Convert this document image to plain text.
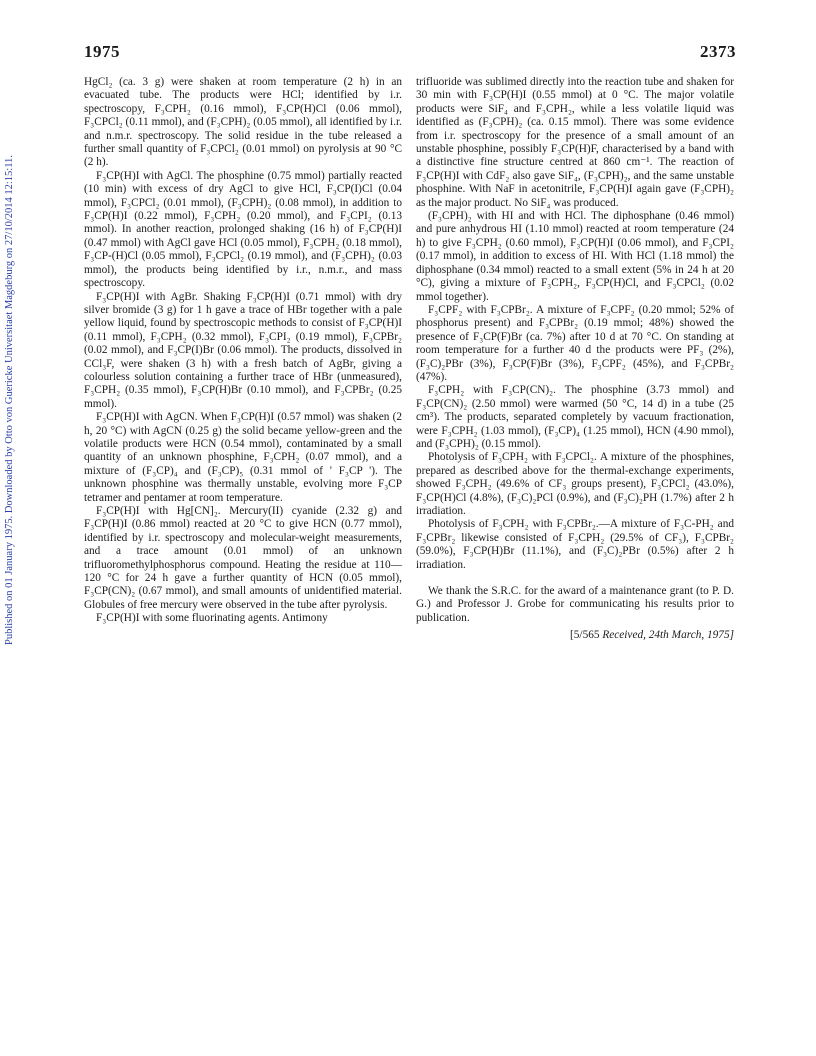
Published on 01 January 1975. Downloaded by Otto von Guericke Universitaet Magdeburg on 27/10/2014 12:15:11.
1975	2373

HgCl₂ (ca. 3 g) were shaken at room temperature (2 h) in an evacuated tube. The products were HCl; identified by i.r. spectroscopy, F₃CPH₂ (0.16 mmol), F₃CP(H)Cl (0.06 mmol), F₃CPCl₂ (0.11 mmol), and (F₃CPH)₂ (0.05 mmol), all identified by i.r. and n.m.r. spectroscopy. The solid residue in the tube released a further small quantity of F₃CPCl₂ (0.01 mmol) on pyrolysis at 90 °C (2 h).

F₃CP(H)I with AgCl. The phosphine (0.75 mmol) partially reacted (10 min) with excess of dry AgCl to give HCl, F₃CP(I)Cl (0.04 mmol), F₃CPCl₂ (0.01 mmol), (F₃CPH)₂ (0.08 mmol), in addition to F₃CP(H)I (0.22 mmol), F₃CPH₂ (0.20 mmol), and F₃CPI₂ (0.13 mmol). In another reaction, prolonged shaking (16 h) of F₃CP(H)I (0.47 mmol) with AgCl gave HCl (0.05 mmol), F₃CPH₂ (0.18 mmol), F₃CP-(H)Cl (0.05 mmol), F₃CPCl₂ (0.19 mmol), and (F₃CPH)₂ (0.03 mmol), the products being identified by i.r., n.m.r., and mass spectroscopy.

F₃CP(H)I with AgBr. Shaking F₃CP(H)I (0.71 mmol) with dry silver bromide (3 g) for 1 h gave a trace of HBr together with a pale yellow liquid, found by spectroscopic methods to consist of F₃CP(H)I (0.11 mmol), F₃CPH₂ (0.32 mmol), F₃CPI₂ (0.19 mmol), F₃CPBr₂ (0.02 mmol), and F₃CP(I)Br (0.06 mmol). The products, dissolved in CCl₃F, were shaken (3 h) with a fresh batch of AgBr, giving a colourless solution containing a further trace of HBr (unmeasured), F₃CPH₂ (0.35 mmol), F₃CP(H)Br (0.10 mmol), and F₃CPBr₂ (0.25 mmol).

F₃CP(H)I with AgCN. When F₃CP(H)I (0.57 mmol) was shaken (2 h, 20 °C) with AgCN (0.25 g) the solid became yellow-green and the volatile products were HCN (0.54 mmol), contaminated by a small quantity of an unknown phosphine, F₃CPH₂ (0.07 mmol), and a mixture of (F₃CP)₄ and (F₃CP)₅ (0.31 mmol of ' F₃CP '). The unknown phosphine was thermally unstable, evolving more F₃CP tetramer and pentamer at room temperature.

F₃CP(H)I with Hg[CN]₂. Mercury(II) cyanide (2.32 g) and F₃CP(H)I (0.86 mmol) reacted at 20 °C to give HCN (0.77 mmol), identified by i.r. spectroscopy and molecular-weight measurements, and a trace amount (0.01 mmol) of an unknown trifluoromethylphosphorus compound. Heating the residue at 110—120 °C for 24 h gave a further quantity of HCN (0.05 mmol), F₃CP(CN)₂ (0.67 mmol), and small amounts of unidentified material. Globules of free mercury were observed in the tube after pyrolysis.

F₃CP(H)I with some fluorinating agents. Antimony

trifluoride was sublimed directly into the reaction tube and shaken for 30 min with F₃CP(H)I (0.55 mmol) at 0 °C. The major volatile products were SiF₄ and F₃CPH₂, while a less volatile liquid was identified as (F₃CPH)₂ (ca. 0.15 mmol). There was some evidence from i.r. spectroscopy for the presence of a small amount of an unstable phosphine, possibly F₃CP(H)F, characterised by a band with a distinctive fine structure centred at 860 cm⁻¹. The reaction of F₃CP(H)I with CdF₂ also gave SiF₄, (F₃CPH)₂, and the same unstable phosphine. With NaF in acetonitrile, F₃CP(H)I again gave (F₃CPH)₂ as the major product. No SiF₄ was produced.

(F₃CPH)₂ with HI and with HCl. The diphosphane (0.46 mmol) and pure anhydrous HI (1.10 mmol) reacted at room temperature (24 h) to give F₃CPH₂ (0.60 mmol), F₃CP(H)I (0.06 mmol), and F₃CPI₂ (0.17 mmol), in addition to excess of HI. With HCl (1.18 mmol) the diphosphane (0.34 mmol) reacted to a small extent (5% in 24 h at 20 °C), giving a mixture of F₃CPH₂, F₃CP(H)Cl, and F₃CPCl₂ (0.02 mmol together).

F₃CPF₂ with F₃CPBr₂. A mixture of F₃CPF₂ (0.20 mmol; 52% of phosphorus present) and F₃CPBr₂ (0.19 mmol; 48%) showed the presence of F₃CP(F)Br (ca. 7%) after 10 d at 70 °C. On standing at room temperature for a further 40 d the products were PF₃ (2%), (F₃C)₂PBr (3%), F₃CP(F)Br (3%), F₃CPF₂ (45%), and F₃CPBr₂ (47%).

F₃CPH₂ with F₃CP(CN)₂. The phosphine (3.73 mmol) and F₃CP(CN)₂ (2.50 mmol) were warmed (50 °C, 14 d) in a tube (25 cm³). The products, separated completely by vacuum fractionation, were F₃CPH₂ (1.03 mmol), (F₃CP)₄ (1.25 mmol), HCN (4.90 mmol), and (F₃CPH)₂ (0.15 mmol).

Photolysis of F₃CPH₂ with F₃CPCl₂. A mixture of the phosphines, prepared as described above for the thermal-exchange experiments, showed F₃CPH₂ (49.6% of CF₃ groups present), F₃CPCl₂ (43.0%), F₃CP(H)Cl (4.8%), (F₃C)₂PCl (0.9%), and (F₃C)₂PH (1.7%) after 2 h irradiation.

Photolysis of F₃CPH₂ with F₃CPBr₂.—A mixture of F₃C-PH₂ and F₃CPBr₂ likewise consisted of F₃CPH₂ (29.5% of CF₃), F₃CPBr₂ (59.0%), F₃CP(H)Br (11.1%), and (F₃C)₂PBr (0.5%) after 2 h irradiation.

We thank the S.R.C. for the award of a maintenance grant (to P. D. G.) and Professor J. Grobe for communicating his results prior to publication.

[5/565 Received, 24th March, 1975]
